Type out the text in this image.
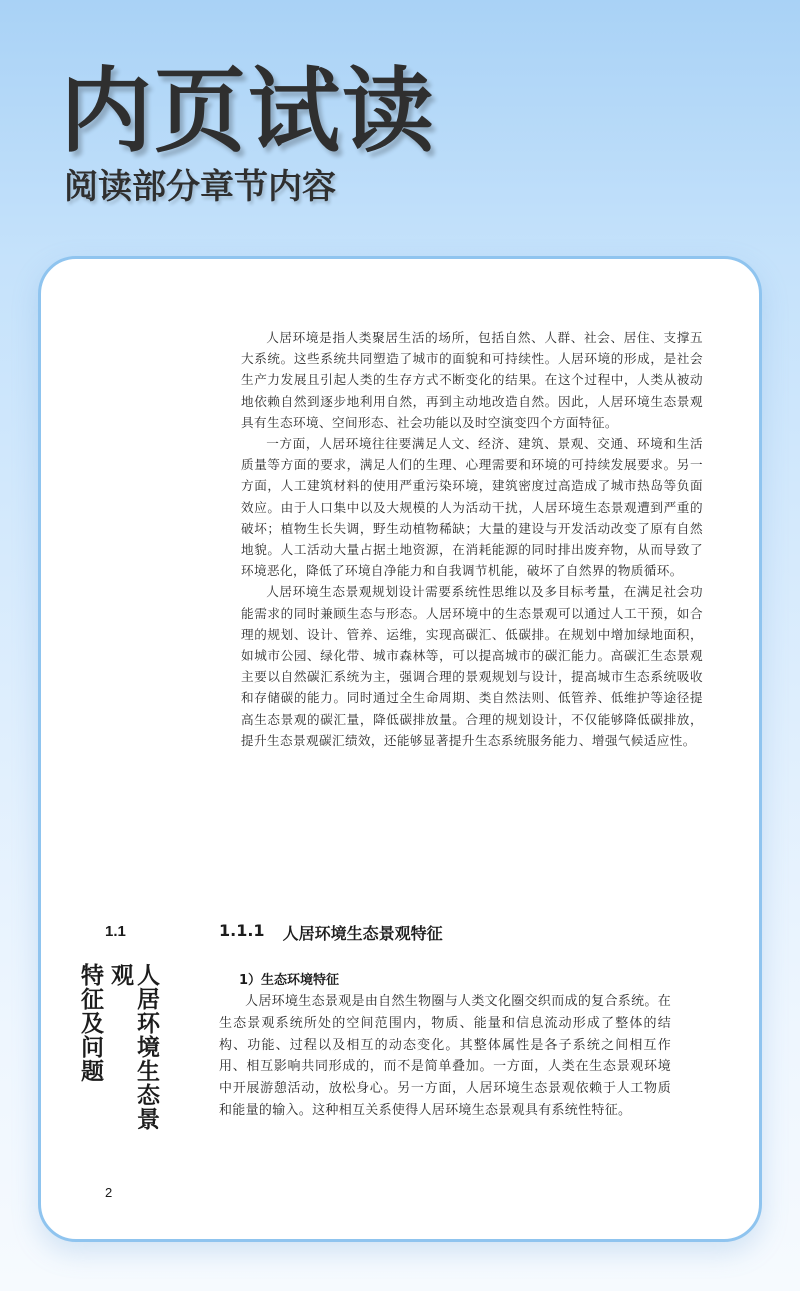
内页试读
阅读部分章节内容

人居环境是指人类聚居生活的场所，包括自然、人群、社会、居住、支撑五大系统。这些系统共同塑造了城市的面貌和可持续性。人居环境的形成，是社会生产力发展且引起人类的生存方式不断变化的结果。在这个过程中，人类从被动地依赖自然到逐步地利用自然，再到主动地改造自然。因此，人居环境生态景观具有生态环境、空间形态、社会功能以及时空演变四个方面特征。

一方面，人居环境往往要满足人文、经济、建筑、景观、交通、环境和生活质量等方面的要求，满足人们的生理、心理需要和环境的可持续发展要求。另一方面，人工建筑材料的使用严重污染环境，建筑密度过高造成了城市热岛等负面效应。由于人口集中以及大规模的人为活动干扰，人居环境生态景观遭到严重的破坏；植物生长失调，野生动植物稀缺；大量的建设与开发活动改变了原有自然地貌。人工活动大量占据土地资源，在消耗能源的同时排出废弃物，从而导致了环境恶化，降低了环境自净能力和自我调节机能，破坏了自然界的物质循环。

人居环境生态景观规划设计需要系统性思维以及多目标考量，在满足社会功能需求的同时兼顾生态与形态。人居环境中的生态景观可以通过人工干预，如合理的规划、设计、管养、运维，实现高碳汇、低碳排。在规划中增加绿地面积，如城市公园、绿化带、城市森林等，可以提高城市的碳汇能力。高碳汇生态景观主要以自然碳汇系统为主，强调合理的景观规划与设计，提高城市生态系统吸收和存储碳的能力。同时通过全生命周期、类自然法则、低管养、低维护等途径提高生态景观的碳汇量，降低碳排放量。合理的规划设计，不仅能够降低碳排放，提升生态景观碳汇绩效，还能够显著提升生态系统服务能力、增强气候适应性。

1.1
人居环境生态景观
特征及问题
1.1.1 人居环境生态景观特征
1）生态环境特征

人居环境生态景观是由自然生物圈与人类文化圈交织而成的复合系统。在生态景观系统所处的空间范围内，物质、能量和信息流动形成了整体的结构、功能、过程以及相互的动态变化。其整体属性是各子系统之间相互作用、相互影响共同形成的，而不是简单叠加。一方面，人类在生态景观环境中开展游憩活动，放松身心。另一方面，人居环境生态景观依赖于人工物质和能量的输入。这种相互关系使得人居环境生态景观具有系统性特征。

2
